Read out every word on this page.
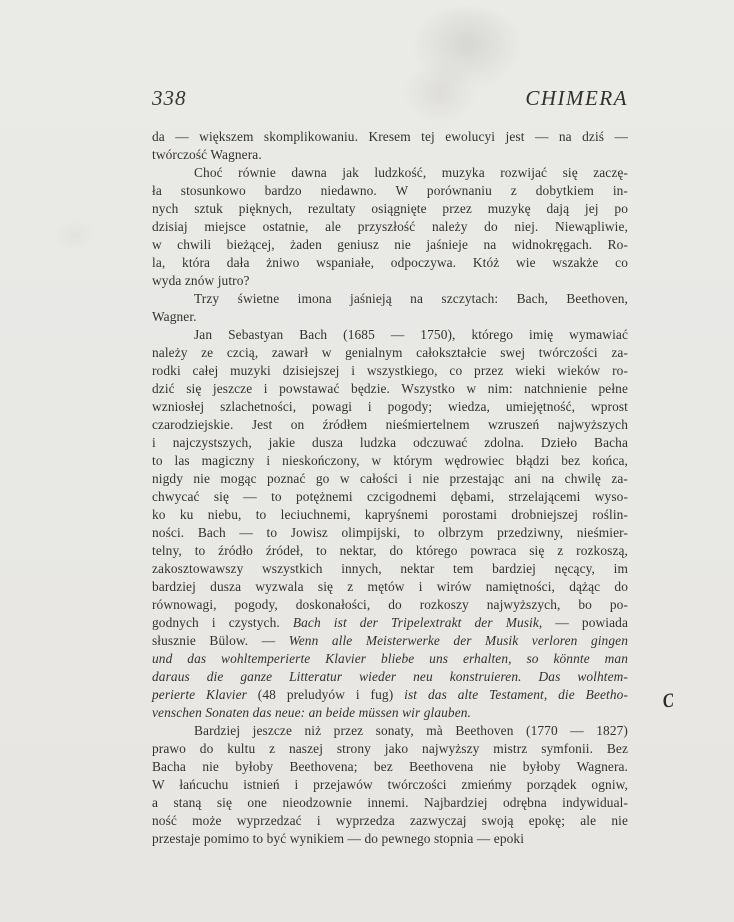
338	CHIMERA
da — większem skomplikowaniu. Kresem tej ewolucyi jest — na dziś —
twórczość Wagnera.
Choć równie dawna jak ludzkość, muzyka rozwijać się zaczę-
ła stosunkowo bardzo niedawno. W porównaniu z dobytkiem in-
nych sztuk pięknych, rezultaty osiągnięte przez muzykę dają jej po
dzisiaj miejsce ostatnie, ale przyszłość należy do niej. Niewąpliwie,
w chwili bieżącej, żaden geniusz nie jaśnieje na widnokręgach. Ro-
la, która dała żniwo wspaniałe, odpoczywa. Któż wie wszakże co
wyda znów jutro?
Trzy świetne imona jaśnieją na szczytach: Bach, Beethoven,
Wagner.
Jan Sebastyan Bach (1685 — 1750), którego imię wymawiać
należy ze czcią, zawarł w genialnym całokształcie swej twórczości za-
rodki całej muzyki dzisiejszej i wszystkiego, co przez wieki wieków ro-
dzić się jeszcze i powstawać będzie. Wszystko w nim: natchnienie pełne
wzniosłej szlachetności, powagi i pogody; wiedza, umiejętność, wprost
czarodziejskie. Jest on źródłem nieśmiertelnem wzruszeń najwyższych
i najczystszych, jakie dusza ludzka odczuwać zdolna. Dzieło Bacha
to las magiczny i nieskończony, w którym wędrowiec błądzi bez końca,
nigdy nie mogąc poznać go w całości i nie przestając ani na chwilę za-
chwycać się — to potężnemi czcigodnemi dębami, strzelającemi wyso-
ko ku niebu, to leciuchnemi, kapryśnemi porostami drobniejszej roślin-
ności. Bach — to Jowisz olimpijski, to olbrzym przedziwny, nieśmier-
telny, to źródło źródeł, to nektar, do którego powraca się z rozkoszą,
zakosztowawszy wszystkich innych, nektar tem bardziej nęcący, im
bardziej dusza wyzwala się z mętów i wirów namiętności, dążąc do
równowagi, pogody, doskonałości, do rozkoszy najwyższych, bo po-
godnych i czystych. Bach ist der Tripelextrakt der Musik, — powiada
słusznie Bülow. — Wenn alle Meisterwerke der Musik verloren gingen
und das wohltemperierte Klavier bliebe uns erhalten, so könnte man
daraus die ganze Litteratur wieder neu konstruieren. Das wolhtem-
perierte Klavier (48 preludyów i fug) ist das alte Testament, die Beetho-
venschen Sonaten das neue: an beide müssen wir glauben.
Bardziej jeszcze niż przez sonaty, mà Beethoven (1770 — 1827)
prawo do kultu z naszej strony jako najwyższy mistrz symfonii. Bez
Bacha nie byłoby Beethovena; bez Beethovena nie byłoby Wagnera.
W łańcuchu istnień i przejawów twórczości zmieńmy porządek ogniw,
a staną się one nieodzownie innemi. Najbardziej odrębna indywidual-
ność może wyprzedzać i wyprzedza zazwyczaj swoją epokę; ale nie
przestaje pomimo to być wynikiem — do pewnego stopnia — epoki
C
